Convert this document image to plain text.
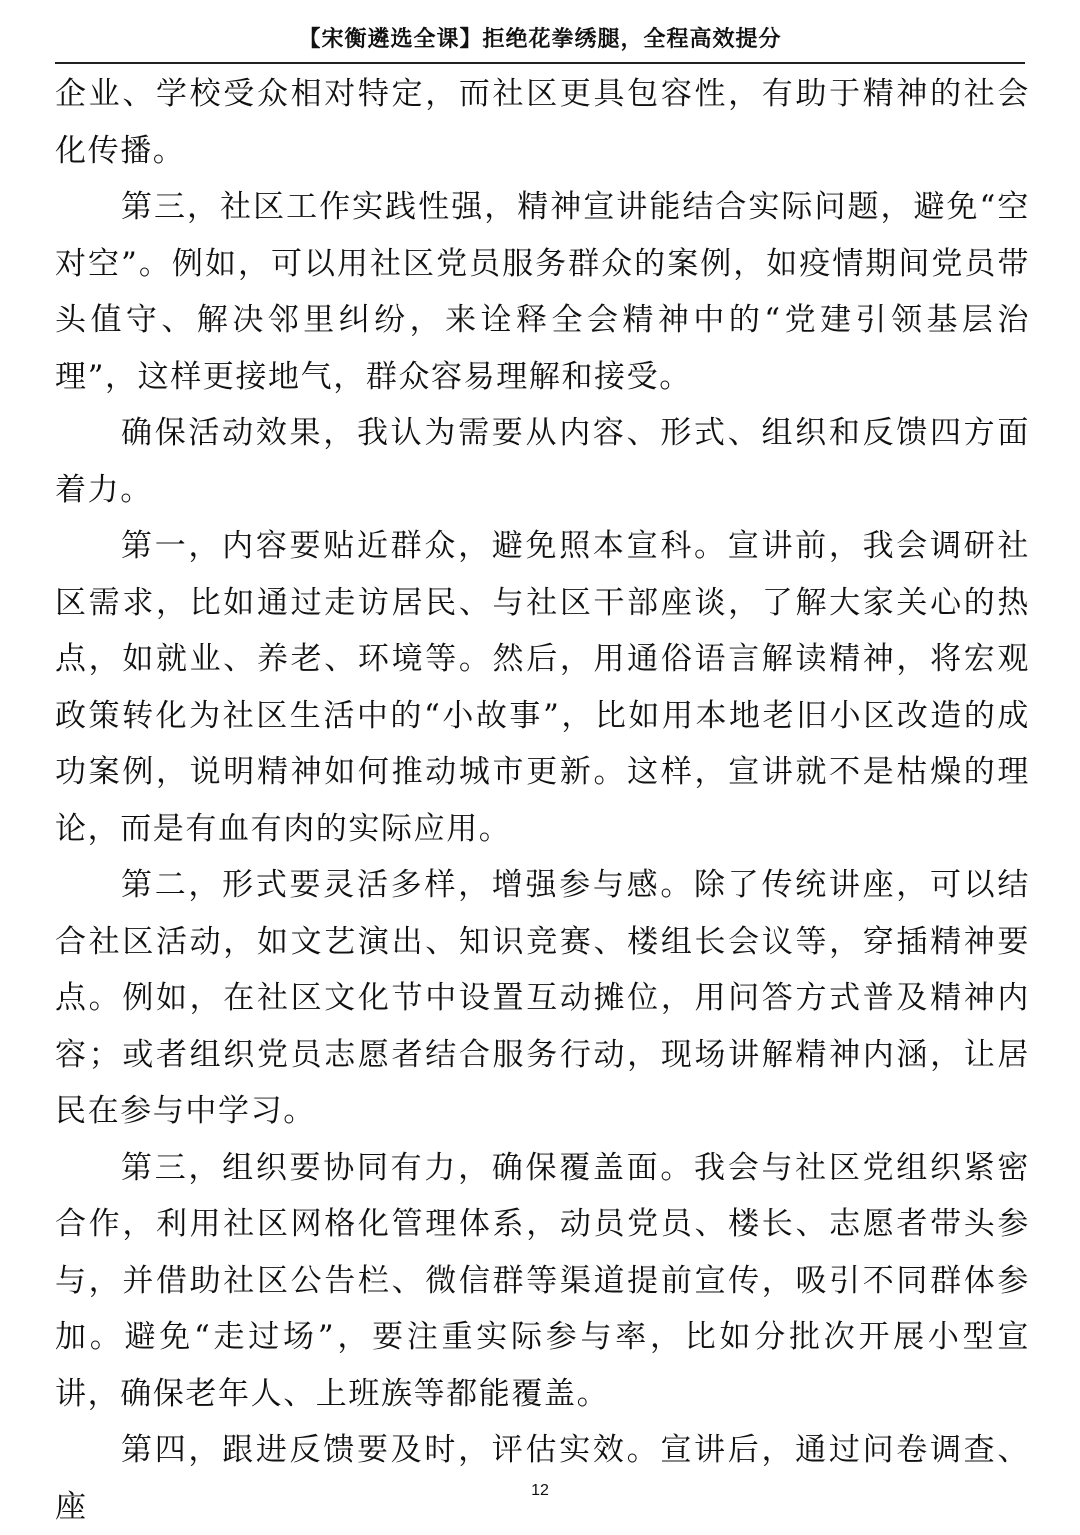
【宋衡遴选全课】拒绝花拳绣腿，全程高效提分

企业、学校受众相对特定，而社区更具包容性，有助于精神的社会化传播。

第三，社区工作实践性强，精神宣讲能结合实际问题，避免“空对空”。例如，可以用社区党员服务群众的案例，如疫情期间党员带头值守、解决邻里纠纷，来诠释全会精神中的“党建引领基层治理”，这样更接地气，群众容易理解和接受。

确保活动效果，我认为需要从内容、形式、组织和反馈四方面着力。

第一，内容要贴近群众，避免照本宣科。宣讲前，我会调研社区需求，比如通过走访居民、与社区干部座谈，了解大家关心的热点，如就业、养老、环境等。然后，用通俗语言解读精神，将宏观政策转化为社区生活中的“小故事”，比如用本地老旧小区改造的成功案例，说明精神如何推动城市更新。这样，宣讲就不是枯燥的理论，而是有血有肉的实际应用。

第二，形式要灵活多样，增强参与感。除了传统讲座，可以结合社区活动，如文艺演出、知识竞赛、楼组长会议等，穿插精神要点。例如，在社区文化节中设置互动摊位，用问答方式普及精神内容；或者组织党员志愿者结合服务行动，现场讲解精神内涵，让居民在参与中学习。

第三，组织要协同有力，确保覆盖面。我会与社区党组织紧密合作，利用社区网格化管理体系，动员党员、楼长、志愿者带头参与，并借助社区公告栏、微信群等渠道提前宣传，吸引不同群体参加。避免“走过场”，要注重实际参与率，比如分批次开展小型宣讲，确保老年人、上班族等都能覆盖。

第四，跟进反馈要及时，评估实效。宣讲后，通过问卷调查、座	12
